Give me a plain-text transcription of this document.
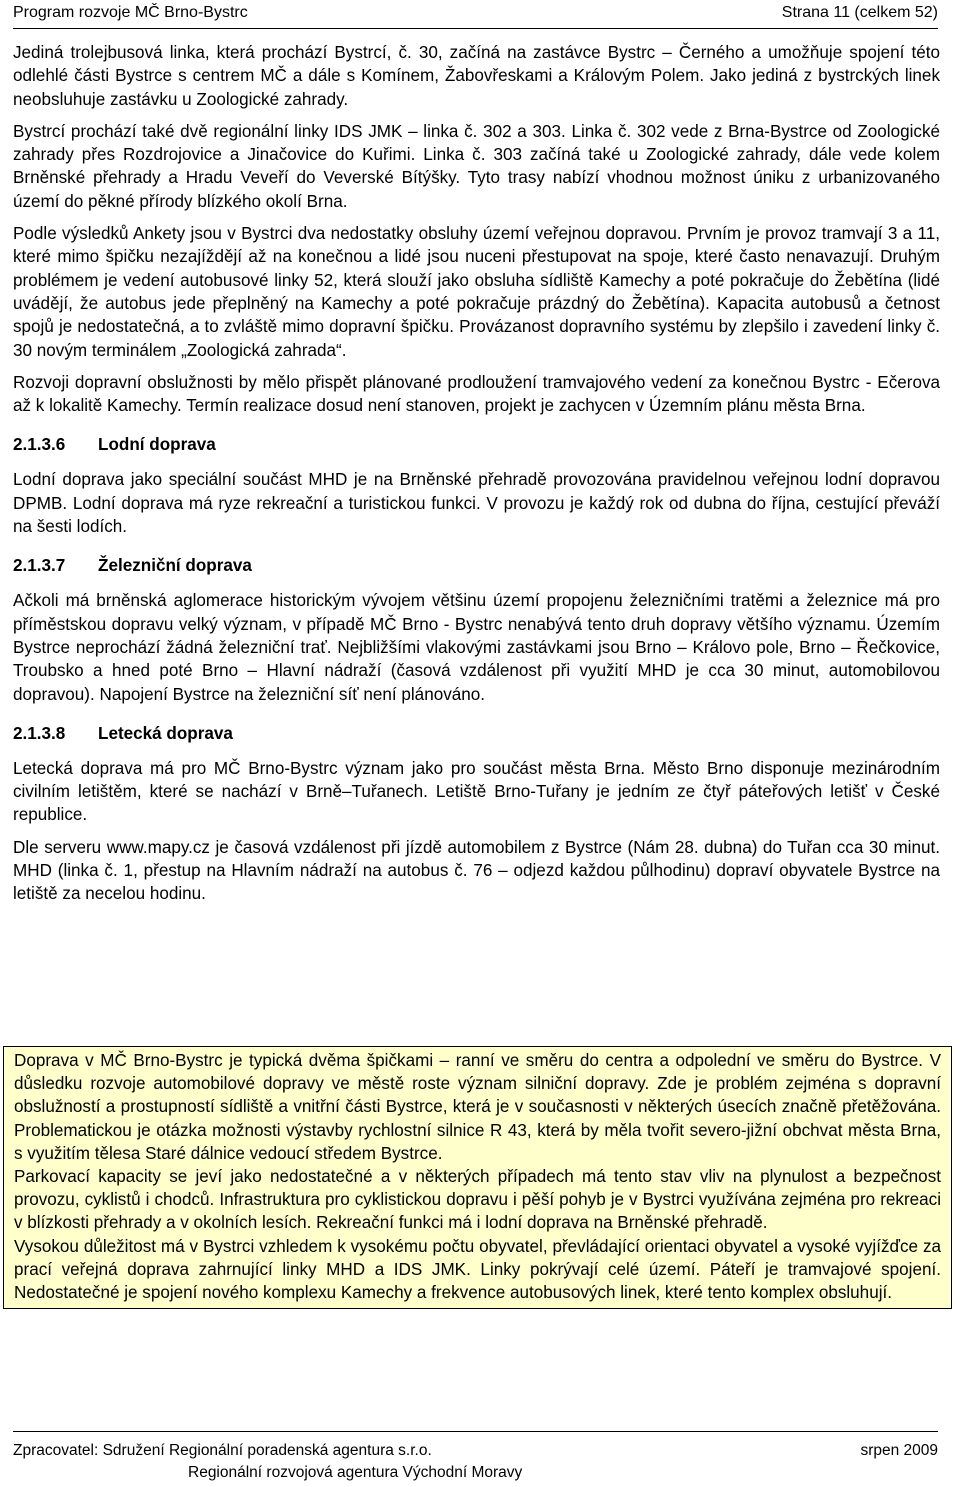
Program rozvoje MČ Brno-Bystrc	Strana 11 (celkem 52)

Jediná trolejbusová linka, která prochází Bystrcí, č. 30, začíná na zastávce Bystrc – Černého a umožňuje spojení této odlehlé části Bystrce s centrem MČ a dále s Komínem, Žabovřeskami a Královým Polem. Jako jediná z bystrckých linek neobsluhuje zastávku u Zoologické zahrady.

Bystrcí prochází také dvě regionální linky IDS JMK – linka č. 302 a 303. Linka č. 302 vede z Brna-Bystrce od Zoologické zahrady přes Rozdrojovice a Jinačovice do Kuřimi. Linka č. 303 začíná také u Zoologické zahrady, dále vede kolem Brněnské přehrady a Hradu Veveří do Veverské Bítýšky. Tyto trasy nabízí vhodnou možnost úniku z urbanizovaného území do pěkné přírody blízkého okolí Brna.

Podle výsledků Ankety jsou v Bystrci dva nedostatky obsluhy území veřejnou dopravou. Prvním je provoz tramvají 3 a 11, které mimo špičku nezajíždějí až na konečnou a lidé jsou nuceni přestupovat na spoje, které často nenavazují. Druhým problémem je vedení autobusové linky 52, která slouží jako obsluha sídliště Kamechy a poté pokračuje do Žebětína (lidé uvádějí, že autobus jede přeplněný na Kamechy a poté pokračuje prázdný do Žebětína). Kapacita autobusů a četnost spojů je nedostatečná, a to zvláště mimo dopravní špičku. Provázanost dopravního systému by zlepšilo i zavedení linky č. 30 novým terminálem „Zoologická zahrada“.

Rozvoji dopravní obslužnosti by mělo přispět plánované prodloužení tramvajového vedení za konečnou Bystrc - Ečerova až k lokalitě Kamechy. Termín realizace dosud není stanoven, projekt je zachycen v Územním plánu města Brna.

2.1.3.6 Lodní doprava

Lodní doprava jako speciální součást MHD je na Brněnské přehradě provozována pravidelnou veřejnou lodní dopravou DPMB. Lodní doprava má ryze rekreační a turistickou funkci. V provozu je každý rok od dubna do října, cestující převáží na šesti lodích.

2.1.3.7 Železniční doprava

Ačkoli má brněnská aglomerace historickým vývojem většinu území propojenu železničními tratěmi a železnice má pro příměstskou dopravu velký význam, v případě MČ Brno - Bystrc nenabývá tento druh dopravy většího významu. Územím Bystrce neprochází žádná železniční trať. Nejbližšími vlakovými zastávkami jsou Brno – Královo pole, Brno – Řečkovice, Troubsko a hned poté Brno – Hlavní nádraží (časová vzdálenost při využití MHD je cca 30 minut, automobilovou dopravou). Napojení Bystrce na železniční síť není plánováno.

2.1.3.8 Letecká doprava

Letecká doprava má pro MČ Brno-Bystrc význam jako pro součást města Brna. Město Brno disponuje mezinárodním civilním letištěm, které se nachází v Brně–Tuřanech. Letiště Brno-Tuřany je jedním ze čtyř páteřových letišť v České republice.

Dle serveru www.mapy.cz je časová vzdálenost při jízdě automobilem z Bystrce (Nám 28. dubna) do Tuřan cca 30 minut. MHD (linka č. 1, přestup na Hlavním nádraží na autobus č. 76 – odjezd každou půlhodinu) dopraví obyvatele Bystrce na letiště za necelou hodinu.

Doprava v MČ Brno-Bystrc je typická dvěma špičkami – ranní ve směru do centra a odpolední ve směru do Bystrce. V důsledku rozvoje automobilové dopravy ve městě roste význam silniční dopravy. Zde je problém zejména s dopravní obslužností a prostupností sídliště a vnitřní části Bystrce, která je v současnosti v některých úsecích značně přetěžována. Problematickou je otázka možnosti výstavby rychlostní silnice R 43, která by měla tvořit severo-jižní obchvat města Brna, s využitím tělesa Staré dálnice vedoucí středem Bystrce.

Parkovací kapacity se jeví jako nedostatečné a v některých případech má tento stav vliv na plynulost a bezpečnost provozu, cyklistů i chodců. Infrastruktura pro cyklistickou dopravu i pěší pohyb je v Bystrci využívána zejména pro rekreaci v blízkosti přehrady a v okolních lesích. Rekreační funkci má i lodní doprava na Brněnské přehradě.

Vysokou důležitost má v Bystrci vzhledem k vysokému počtu obyvatel, převládající orientaci obyvatel a vysoké vyjížďce za prací veřejná doprava zahrnující linky MHD a IDS JMK. Linky pokrývají celé území. Páteří je tramvajové spojení. Nedostatečné je spojení nového komplexu Kamechy a frekvence autobusových linek, které tento komplex obsluhují.

Zpracovatel: Sdružení Regionální poradenská agentura s.r.o.	srpen 2009
Regionální rozvojová agentura Východní Moravy
